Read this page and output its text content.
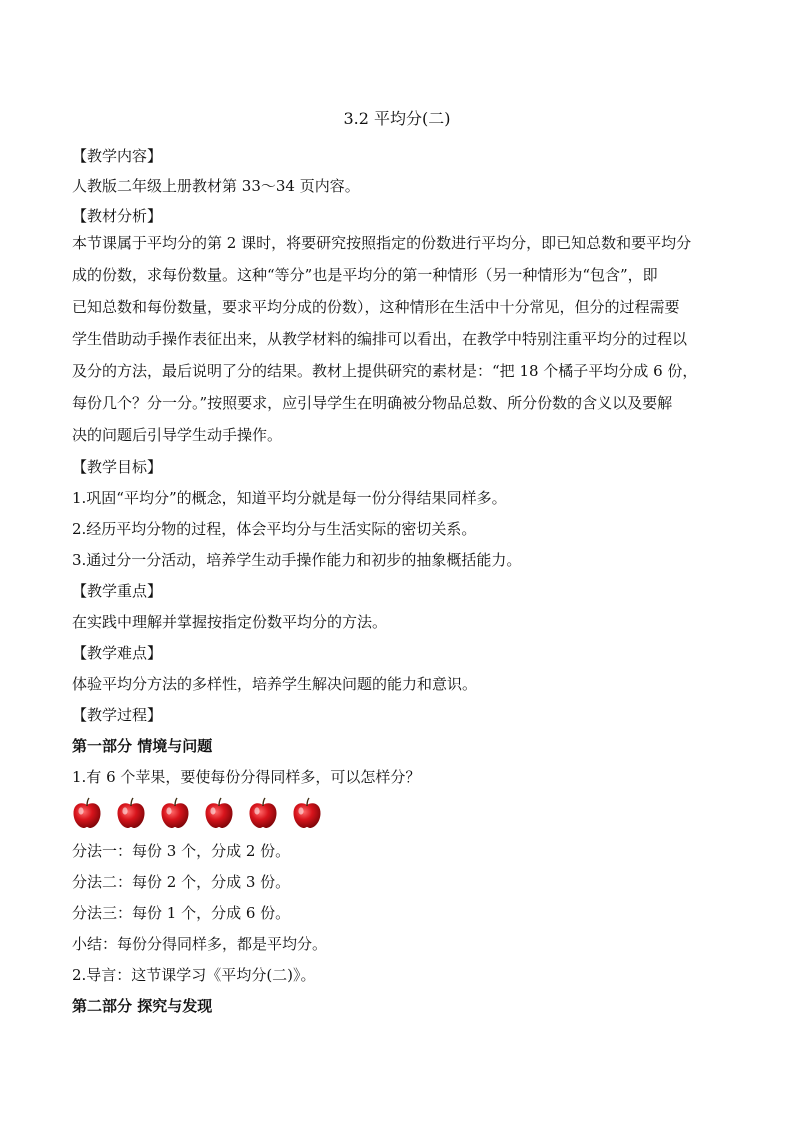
3.2 平均分(二)
【教学内容】
人教版二年级上册教材第 33～34 页内容。
【教材分析】
本节课属于平均分的第 2 课时，将要研究按照指定的份数进行平均分，即已知总数和要平均分
成的份数，求每份数量。这种“等分”也是平均分的第一种情形（另一种情形为“包含”，即
已知总数和每份数量，要求平均分成的份数），这种情形在生活中十分常见，但分的过程需要
学生借助动手操作表征出来，从教学材料的编排可以看出，在教学中特别注重平均分的过程以
及分的方法，最后说明了分的结果。教材上提供研究的素材是：“把 18 个橘子平均分成 6 份，
每份几个？分一分。”按照要求，应引导学生在明确被分物品总数、所分份数的含义以及要解
决的问题后引导学生动手操作。
【教学目标】
1.巩固“平均分”的概念，知道平均分就是每一份分得结果同样多。
2.经历平均分物的过程，体会平均分与生活实际的密切关系。
3.通过分一分活动，培养学生动手操作能力和初步的抽象概括能力。
【教学重点】
在实践中理解并掌握按指定份数平均分的方法。
【教学难点】
体验平均分方法的多样性，培养学生解决问题的能力和意识。
【教学过程】
第一部分 情境与问题
1.有 6 个苹果，要使每份分得同样多，可以怎样分？
分法一：每份 3 个，分成 2 份。
分法二：每份 2 个，分成 3 份。
分法三：每份 1 个，分成 6 份。
小结：每份分得同样多，都是平均分。
2.导言：这节课学习《平均分(二)》。
第二部分 探究与发现
